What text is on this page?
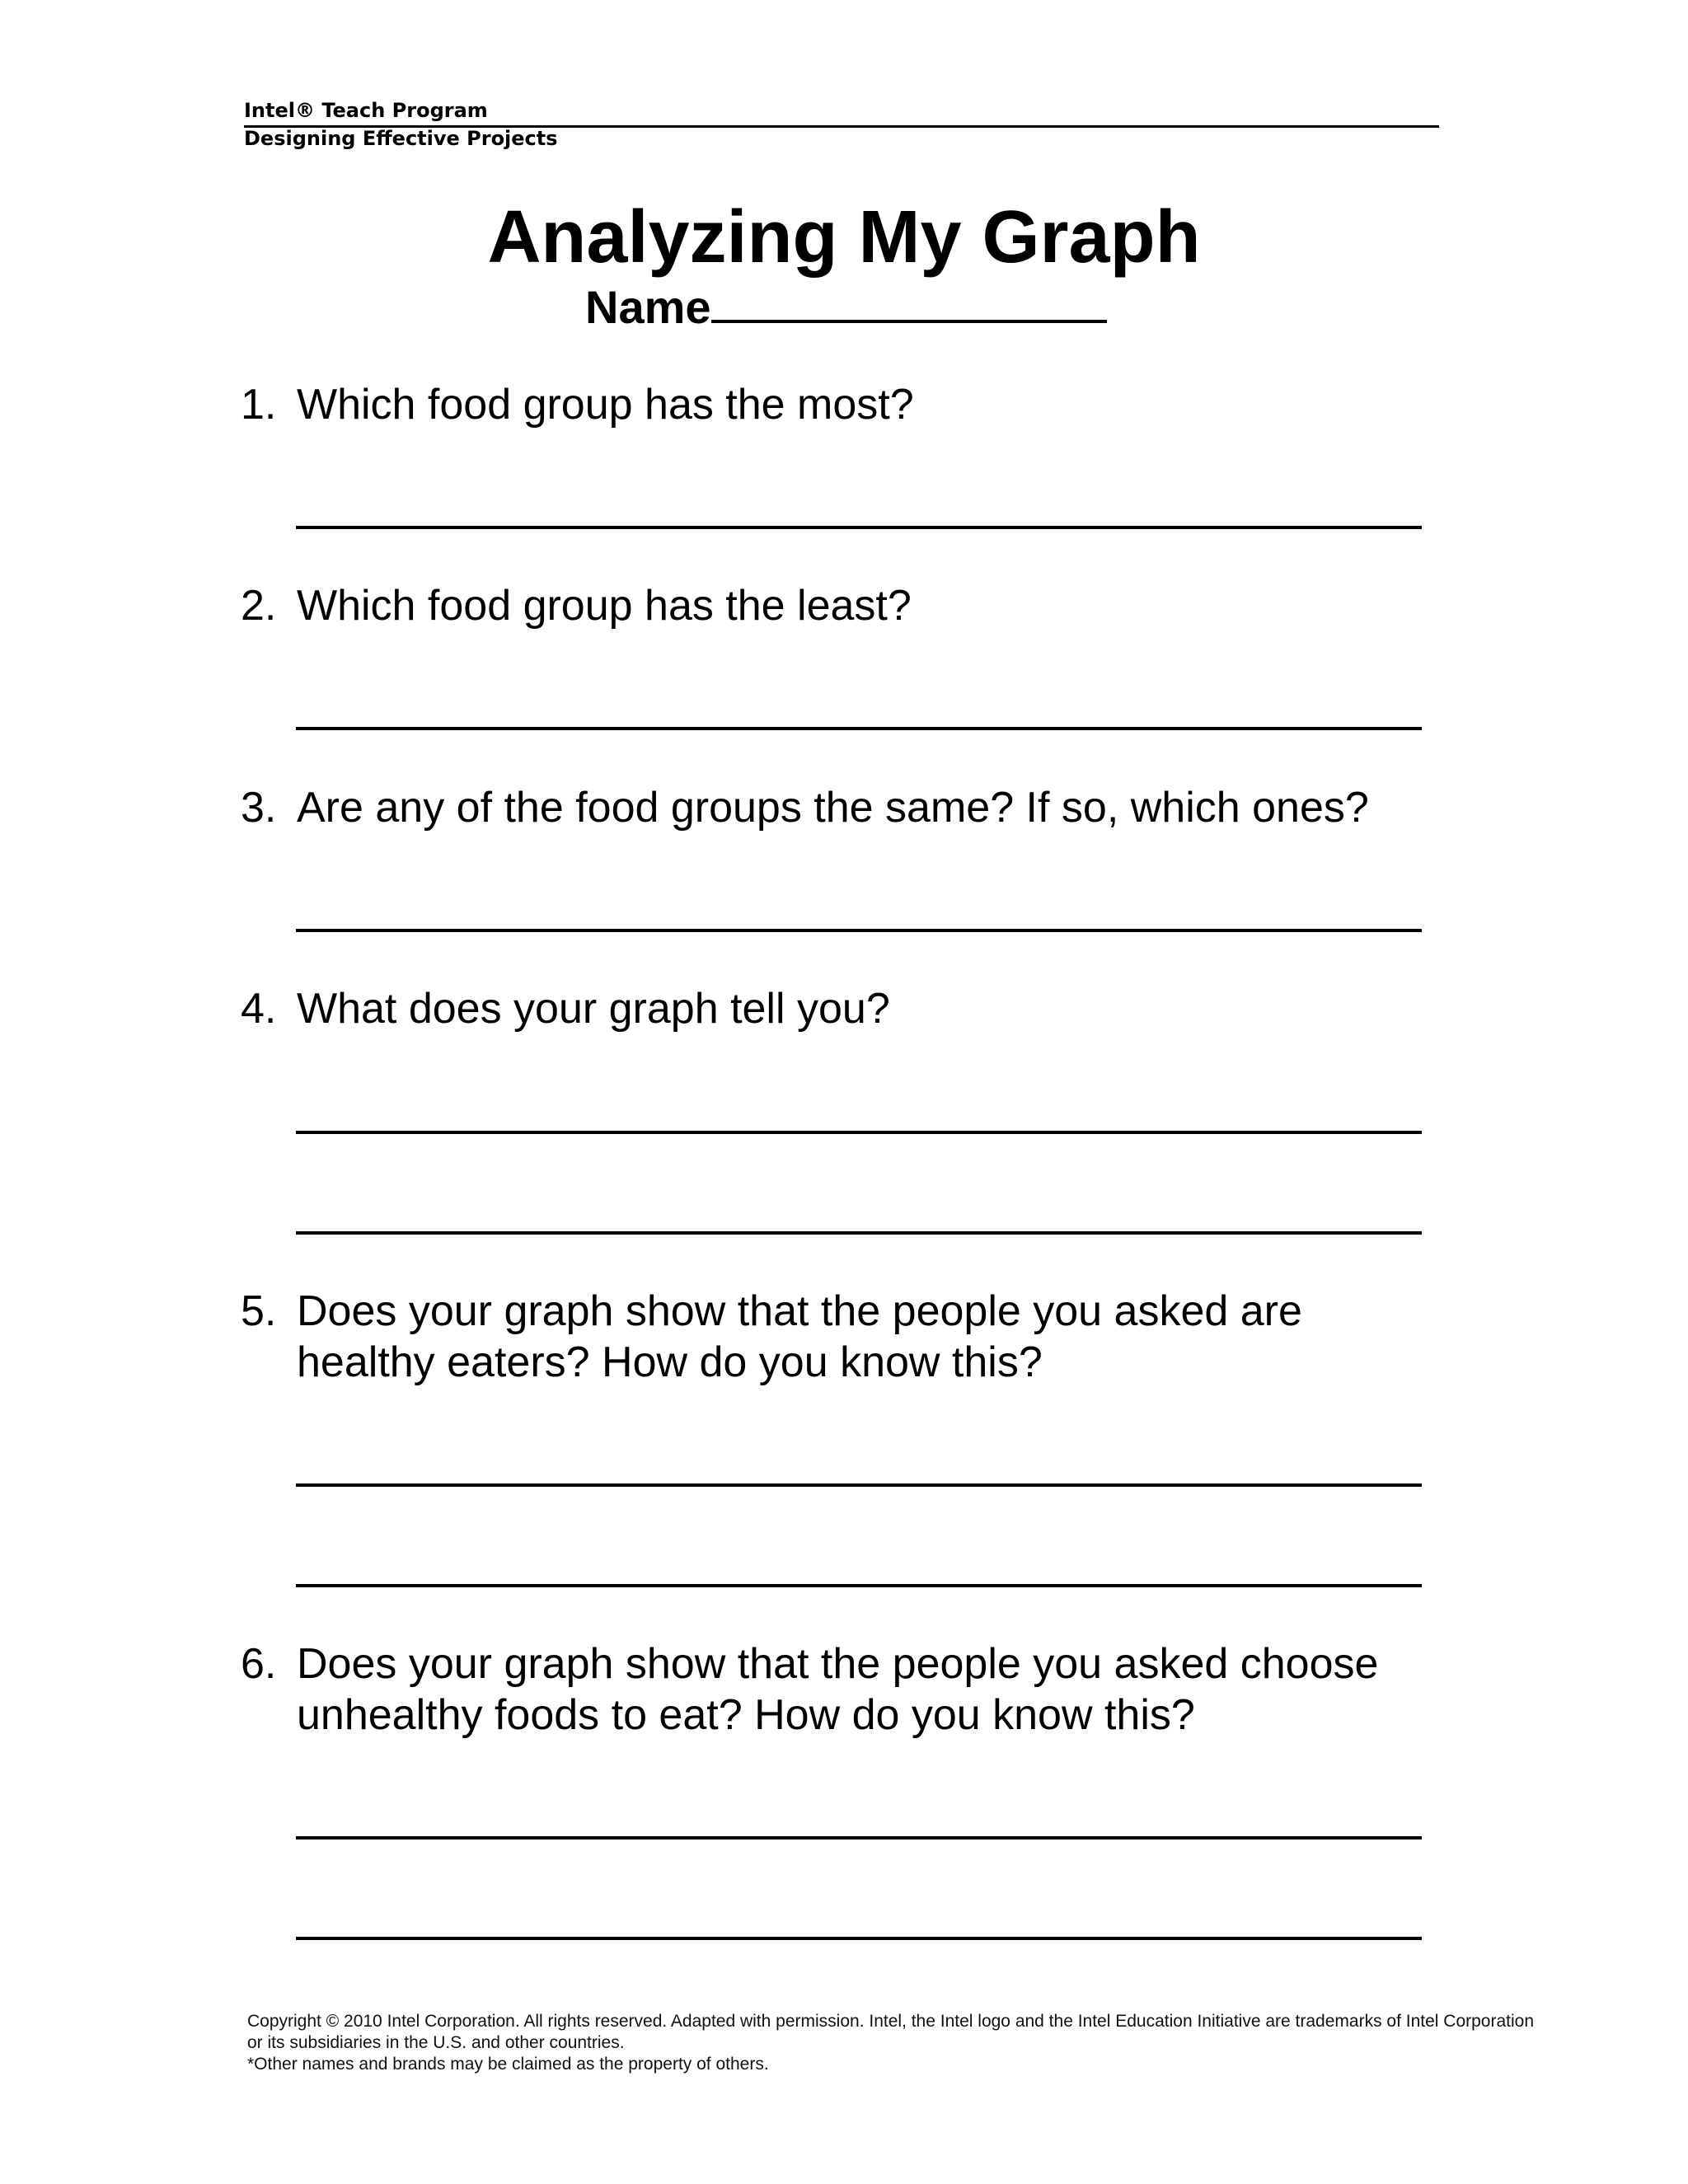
Intel® Teach Program
Designing Effective Projects
Analyzing My Graph
Name
1. Which food group has the most?
2. Which food group has the least?
3. Are any of the food groups the same? If so, which ones?
4. What does your graph tell you?
5. Does your graph show that the people you asked are
healthy eaters? How do you know this?
6. Does your graph show that the people you asked choose
unhealthy foods to eat? How do you know this?
Copyright © 2010 Intel Corporation. All rights reserved. Adapted with permission. Intel, the Intel logo and the Intel Education Initiative are trademarks of Intel Corporation
or its subsidiaries in the U.S. and other countries.
*Other names and brands may be claimed as the property of others.
